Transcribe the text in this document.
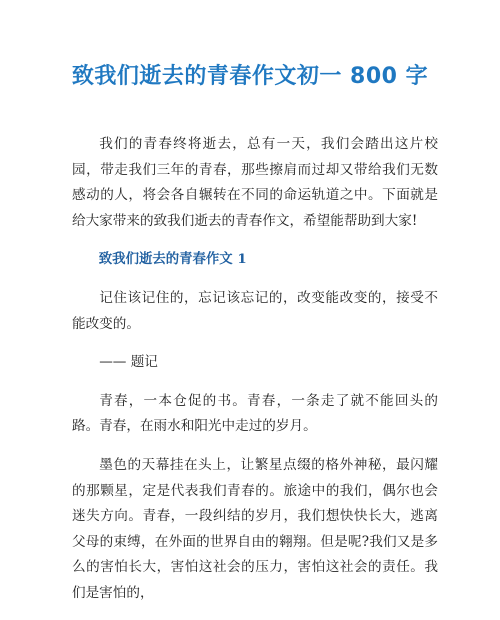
致我们逝去的青春作文初一 800 字

我们的青春终将逝去，总有一天，我们会踏出这片校园，带走我们三年的青春，那些擦肩而过却又带给我们无数感动的人，将会各自辗转在不同的命运轨道之中。下面就是给大家带来的致我们逝去的青春作文，希望能帮助到大家!

致我们逝去的青春作文 1

记住该记住的，忘记该忘记的，改变能改变的，接受不能改变的。

—— 题记

青春，一本仓促的书。青春，一条走了就不能回头的路。青春，在雨水和阳光中走过的岁月。

墨色的天幕挂在头上，让繁星点缀的格外神秘，最闪耀的那颗星，定是代表我们青春的。旅途中的我们，偶尔也会迷失方向。青春，一段纠结的岁月，我们想快快长大，逃离父母的束缚，在外面的世界自由的翱翔。但是呢?我们又是多么的害怕长大，害怕这社会的压力，害怕这社会的责任。我们是害怕的，
